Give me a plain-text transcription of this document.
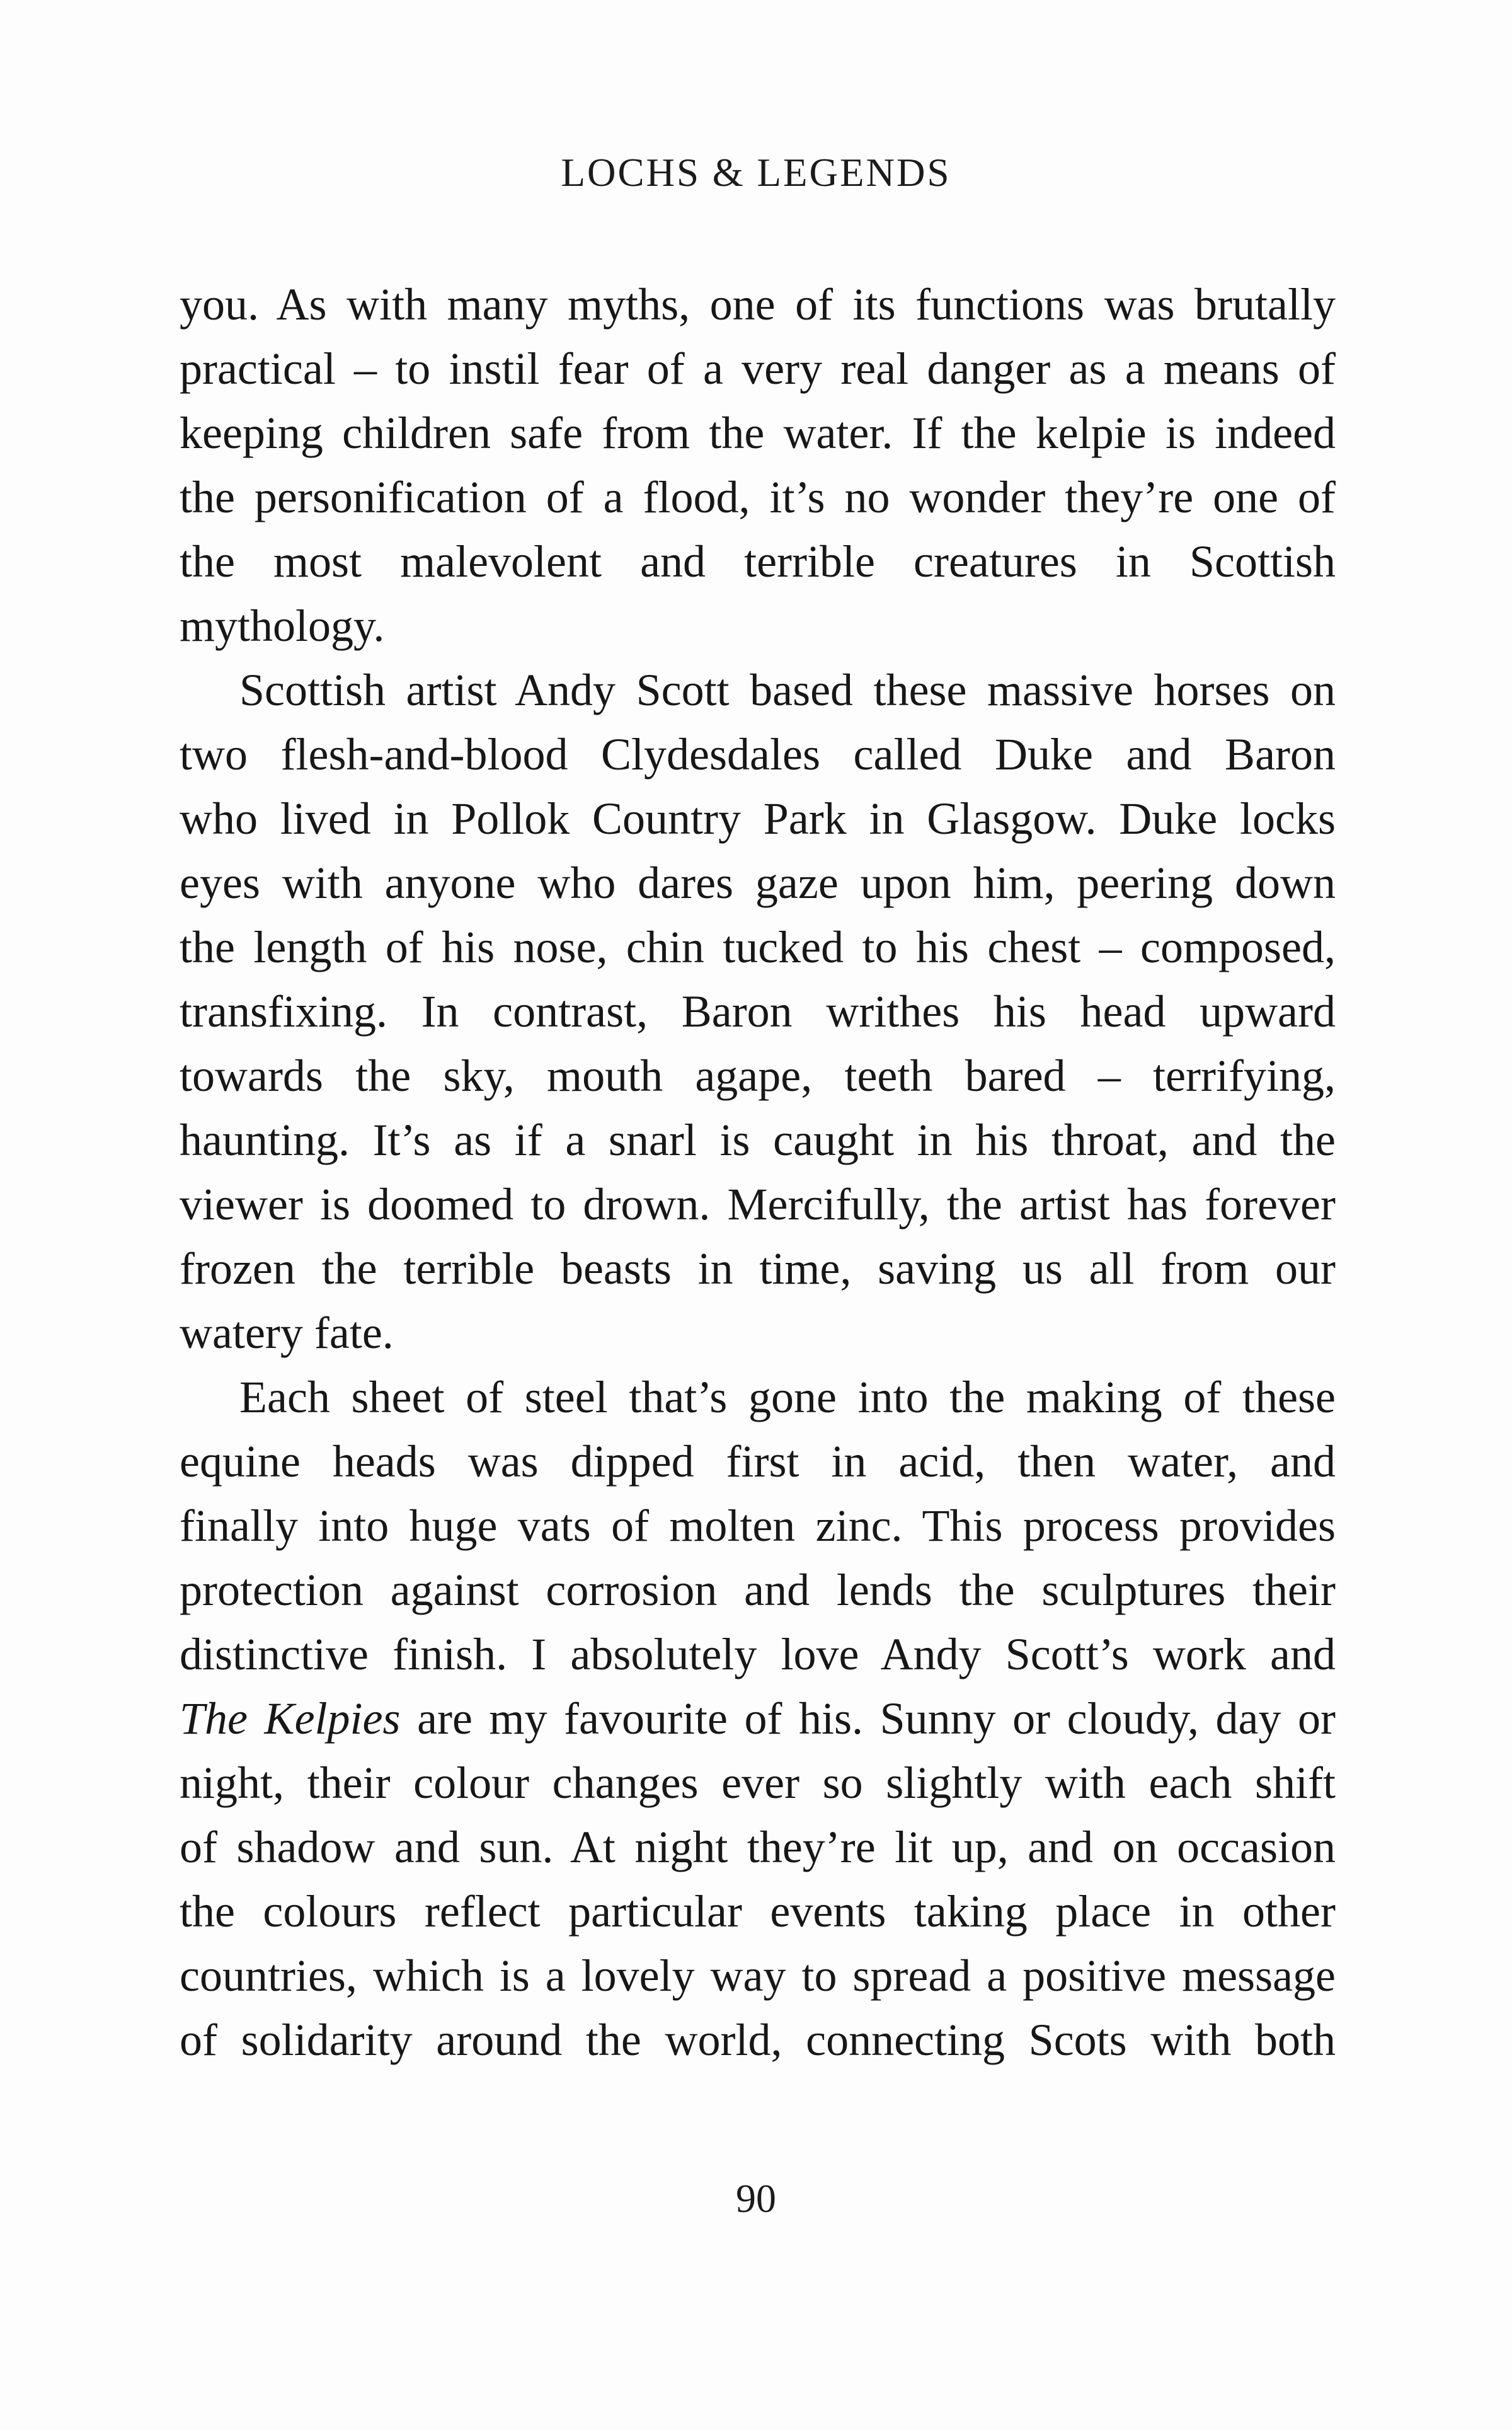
LOCHS & LEGENDS
you. As with many myths, one of its functions was brutally
practical – to instil fear of a very real danger as a means of
keeping children safe from the water. If the kelpie is indeed
the personification of a flood, it’s no wonder they’re one of
the most malevolent and terrible creatures in Scottish
mythology.
Scottish artist Andy Scott based these massive horses on
two flesh-and-blood Clydesdales called Duke and Baron
who lived in Pollok Country Park in Glasgow. Duke locks
eyes with anyone who dares gaze upon him, peering down
the length of his nose, chin tucked to his chest – composed,
transfixing. In contrast, Baron writhes his head upward
towards the sky, mouth agape, teeth bared – terrifying,
haunting. It’s as if a snarl is caught in his throat, and the
viewer is doomed to drown. Mercifully, the artist has forever
frozen the terrible beasts in time, saving us all from our
watery fate.
Each sheet of steel that’s gone into the making of these
equine heads was dipped first in acid, then water, and
finally into huge vats of molten zinc. This process provides
protection against corrosion and lends the sculptures their
distinctive finish. I absolutely love Andy Scott’s work and
The Kelpies are my favourite of his. Sunny or cloudy, day or
night, their colour changes ever so slightly with each shift
of shadow and sun. At night they’re lit up, and on occasion
the colours reflect particular events taking place in other
countries, which is a lovely way to spread a positive message
of solidarity around the world, connecting Scots with both
90
